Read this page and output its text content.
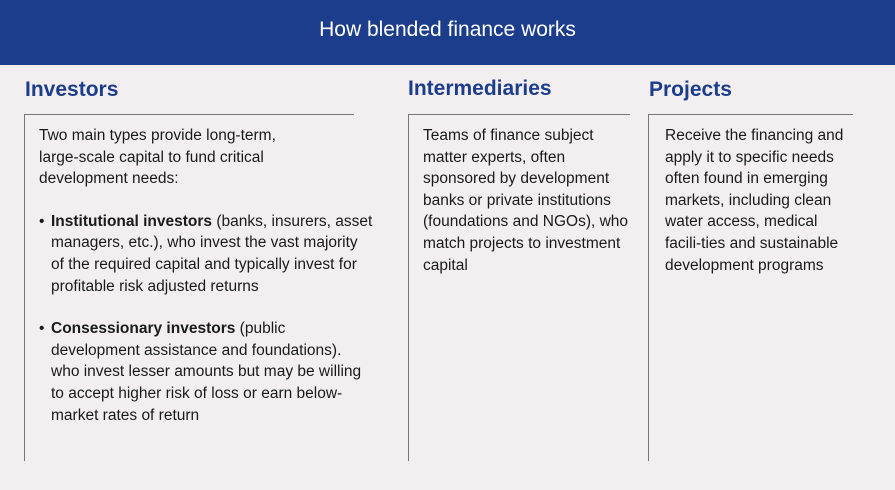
How blended finance works
Investors

Two main types provide long-term, large-scale capital to fund critical development needs:

• Institutional investors (banks, insurers, asset managers, etc.), who invest the vast majority of the required capital and typically invest for profitable risk adjusted returns

• Consessionary investors (public development assistance and foundations). who invest lesser amounts but may be willing to accept higher risk of loss or earn below-market rates of return

Intermediaries

Teams of finance subject matter experts, often sponsored by development banks or private institutions (foundations and NGOs), who match projects to investment capital

Projects

Receive the financing and apply it to specific needs often found in emerging markets, including clean water access, medical facili-ties and sustainable development programs
